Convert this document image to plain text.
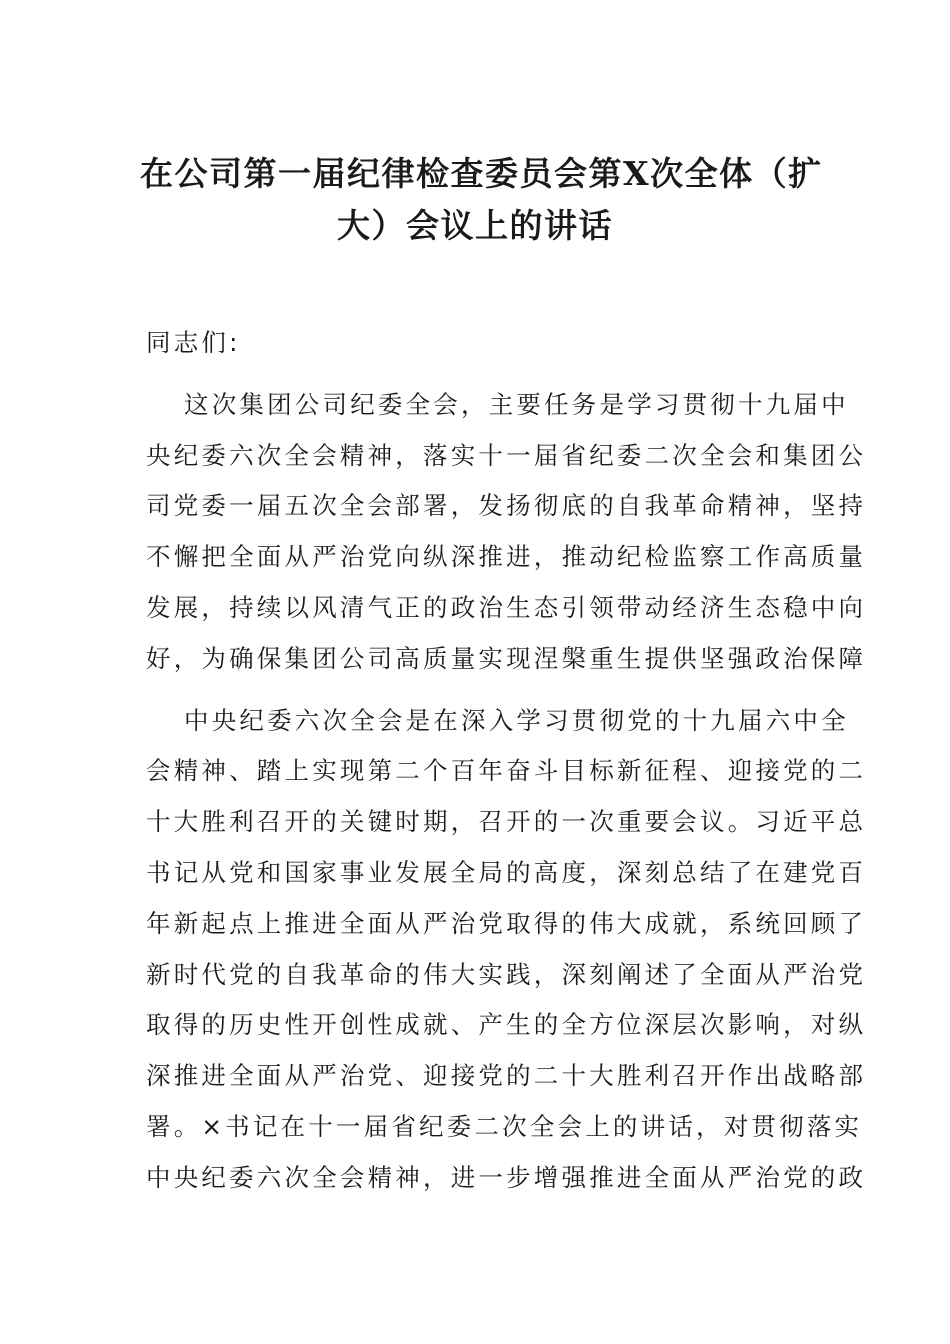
在公司第一届纪律检查委员会第X次全体（扩
大）会议上的讲话
同志们:

这次集团公司纪委全会，主要任务是学习贯彻十九届中
央纪委六次全会精神，落实十一届省纪委二次全会和集团公
司党委一届五次全会部署，发扬彻底的自我革命精神，坚持
不懈把全面从严治党向纵深推进，推动纪检监察工作高质量
发展，持续以风清气正的政治生态引领带动经济生态稳中向
好，为确保集团公司高质量实现涅槃重生提供坚强政治保障

中央纪委六次全会是在深入学习贯彻党的十九届六中全
会精神、踏上实现第二个百年奋斗目标新征程、迎接党的二
十大胜利召开的关键时期，召开的一次重要会议。习近平总
书记从党和国家事业发展全局的高度，深刻总结了在建党百
年新起点上推进全面从严治党取得的伟大成就，系统回顾了
新时代党的自我革命的伟大实践，深刻阐述了全面从严治党
取得的历史性开创性成就、产生的全方位深层次影响，对纵
深推进全面从严治党、迎接党的二十大胜利召开作出战略部
署。×书记在十一届省纪委二次全会上的讲话，对贯彻落实
中央纪委六次全会精神，进一步增强推进全面从严治党的政
